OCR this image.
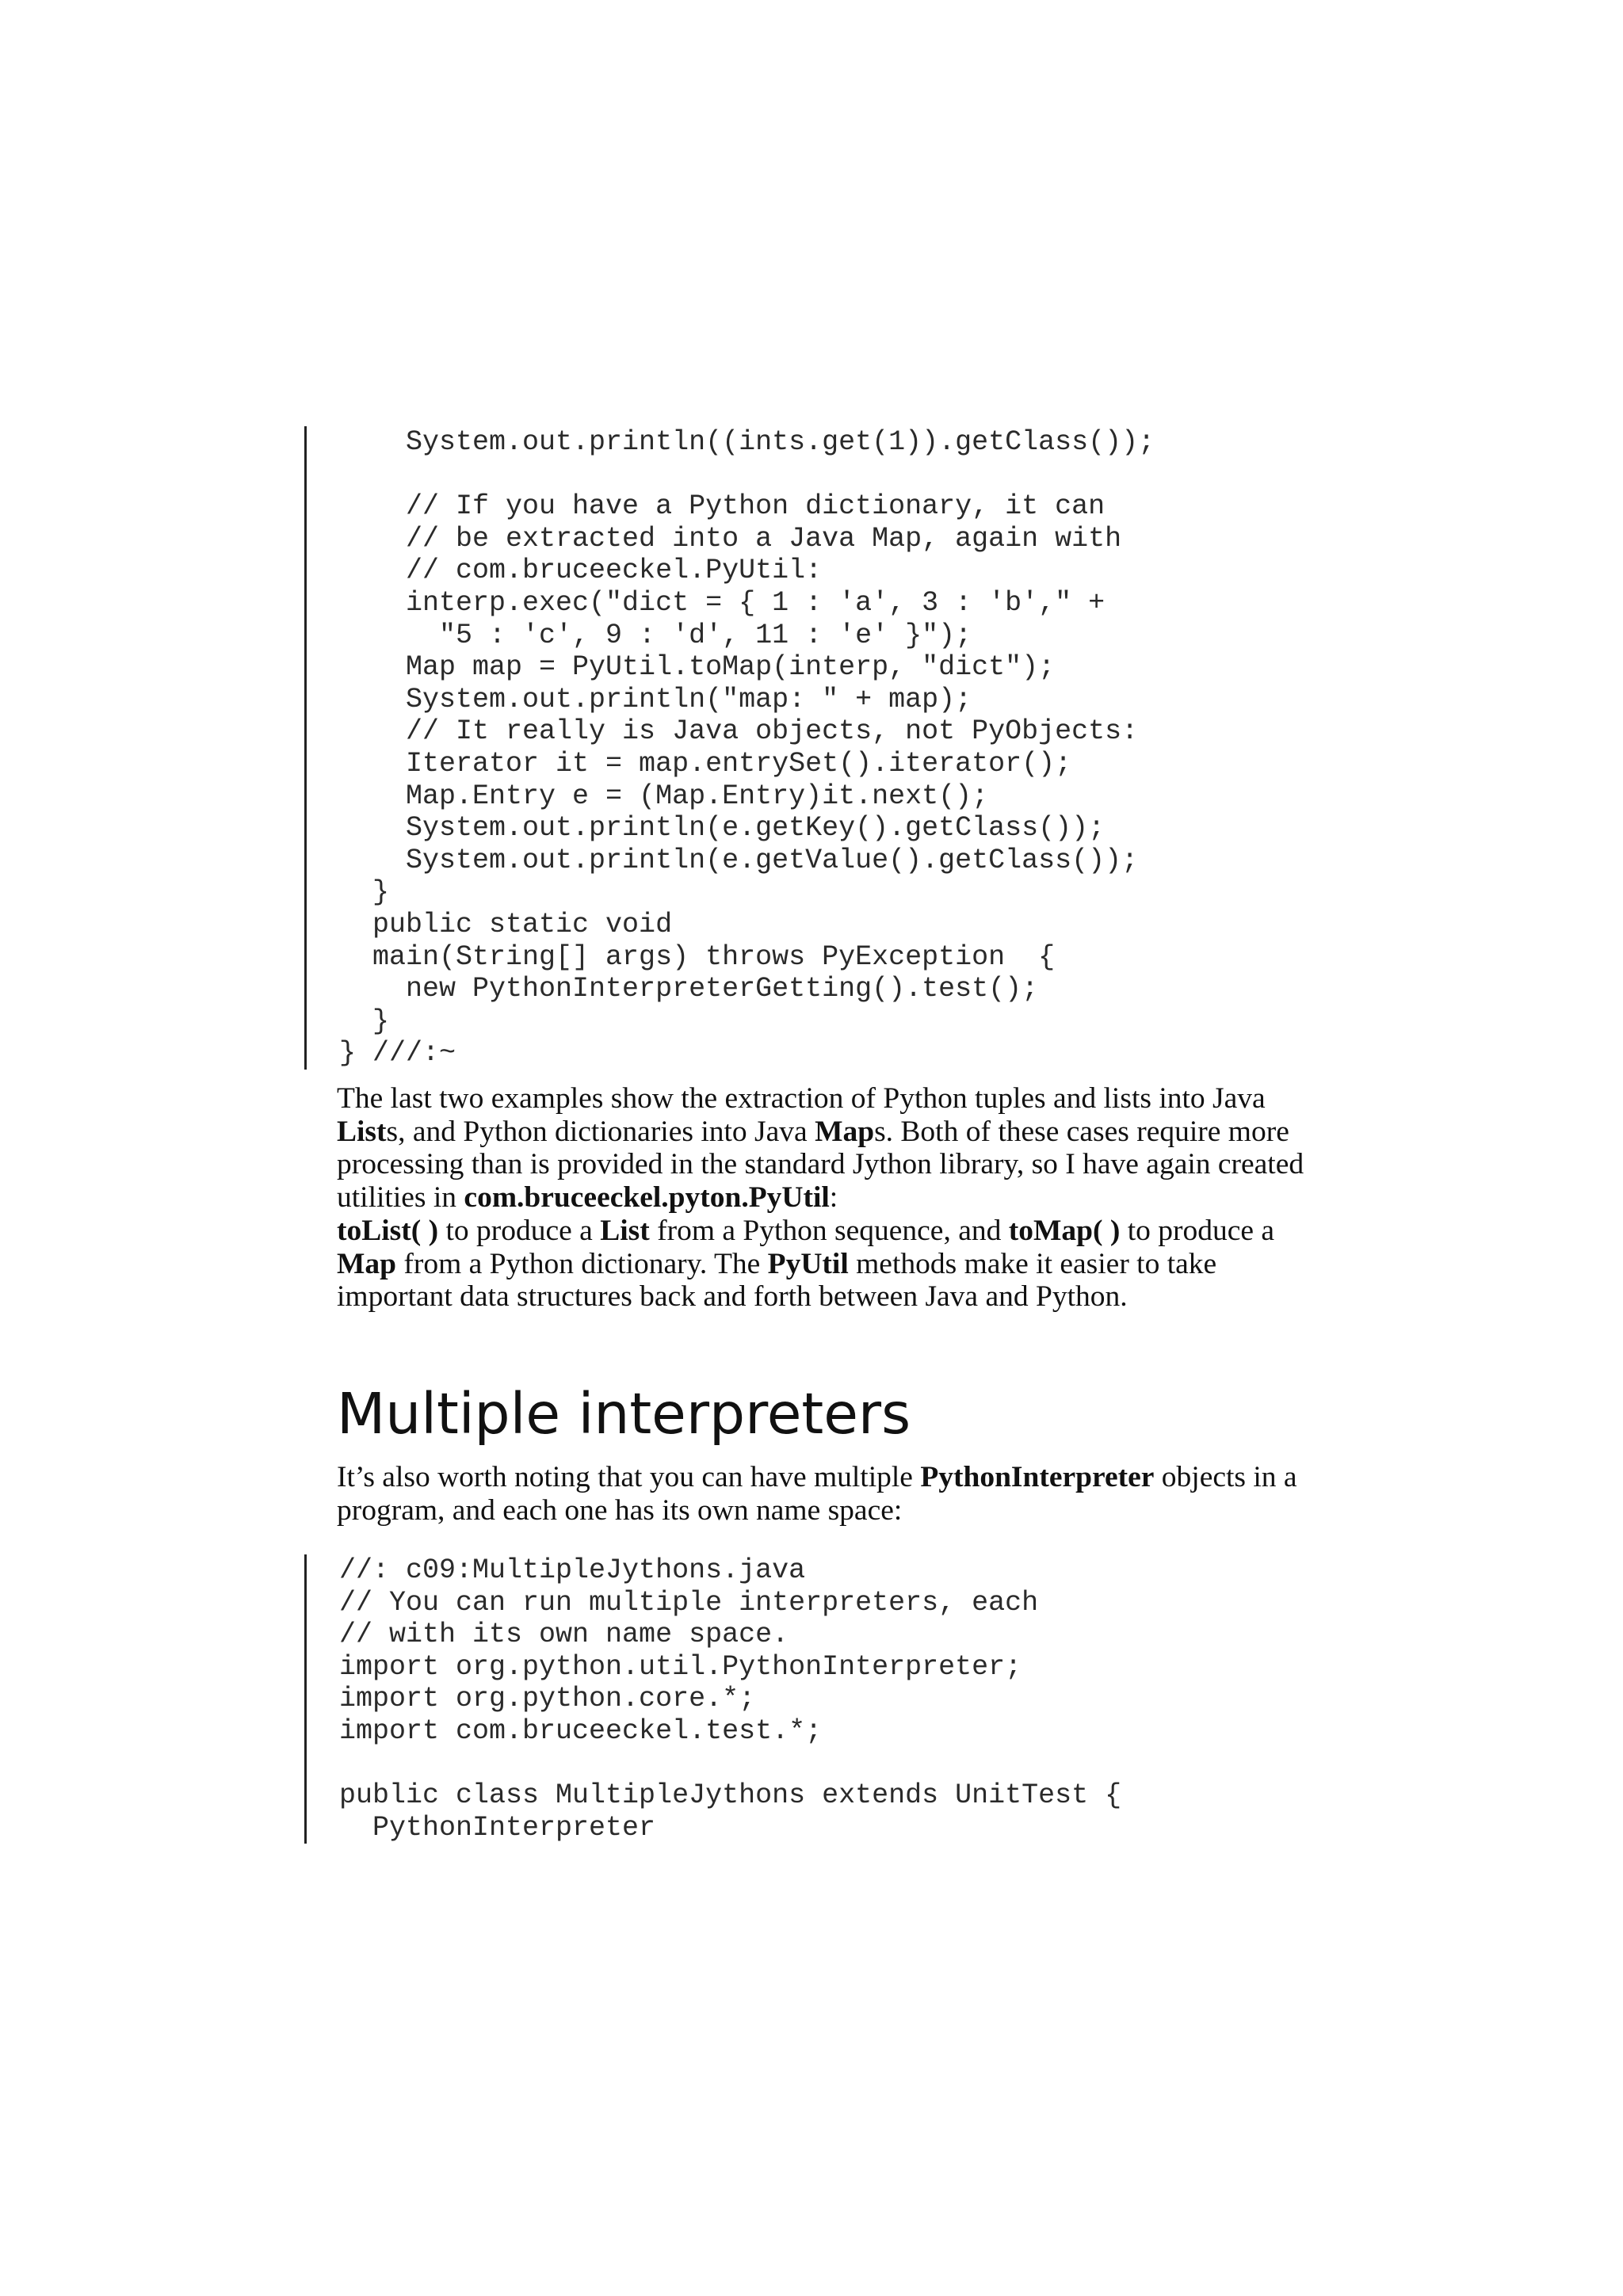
System.out.println((ints.get(1)).getClass());
// If you have a Python dictionary, it can
// be extracted into a Java Map, again with
// com.bruceeckel.PyUtil:
interp.exec("dict = { 1 : 'a', 3 : 'b'," +
"5 : 'c', 9 : 'd', 11 : 'e' }");
Map map = PyUtil.toMap(interp, "dict");
System.out.println("map: " + map);
// It really is Java objects, not PyObjects:
Iterator it = map.entrySet().iterator();
Map.Entry e = (Map.Entry)it.next();
System.out.println(e.getKey().getClass());
System.out.println(e.getValue().getClass());
}
public static void
main(String[] args) throws PyException  {
new PythonInterpreterGetting().test();
}
} ///:~

The last two examples show the extraction of Python tuples and lists into Java Lists, and Python dictionaries into Java Maps. Both of these cases require more processing than is provided in the standard Jython library, so I have again created utilities in com.bruceeckel.pyton.PyUtil:
toList( ) to produce a List from a Python sequence, and toMap( ) to produce a Map from a Python dictionary. The PyUtil methods make it easier to take important data structures back and forth between Java and Python.

Multiple interpreters

It’s also worth noting that you can have multiple PythonInterpreter objects in a program, and each one has its own name space:

//: c09:MultipleJythons.java
// You can run multiple interpreters, each
// with its own name space.
import org.python.util.PythonInterpreter;
import org.python.core.*;
import com.bruceeckel.test.*;
public class MultipleJythons extends UnitTest {
PythonInterpreter
